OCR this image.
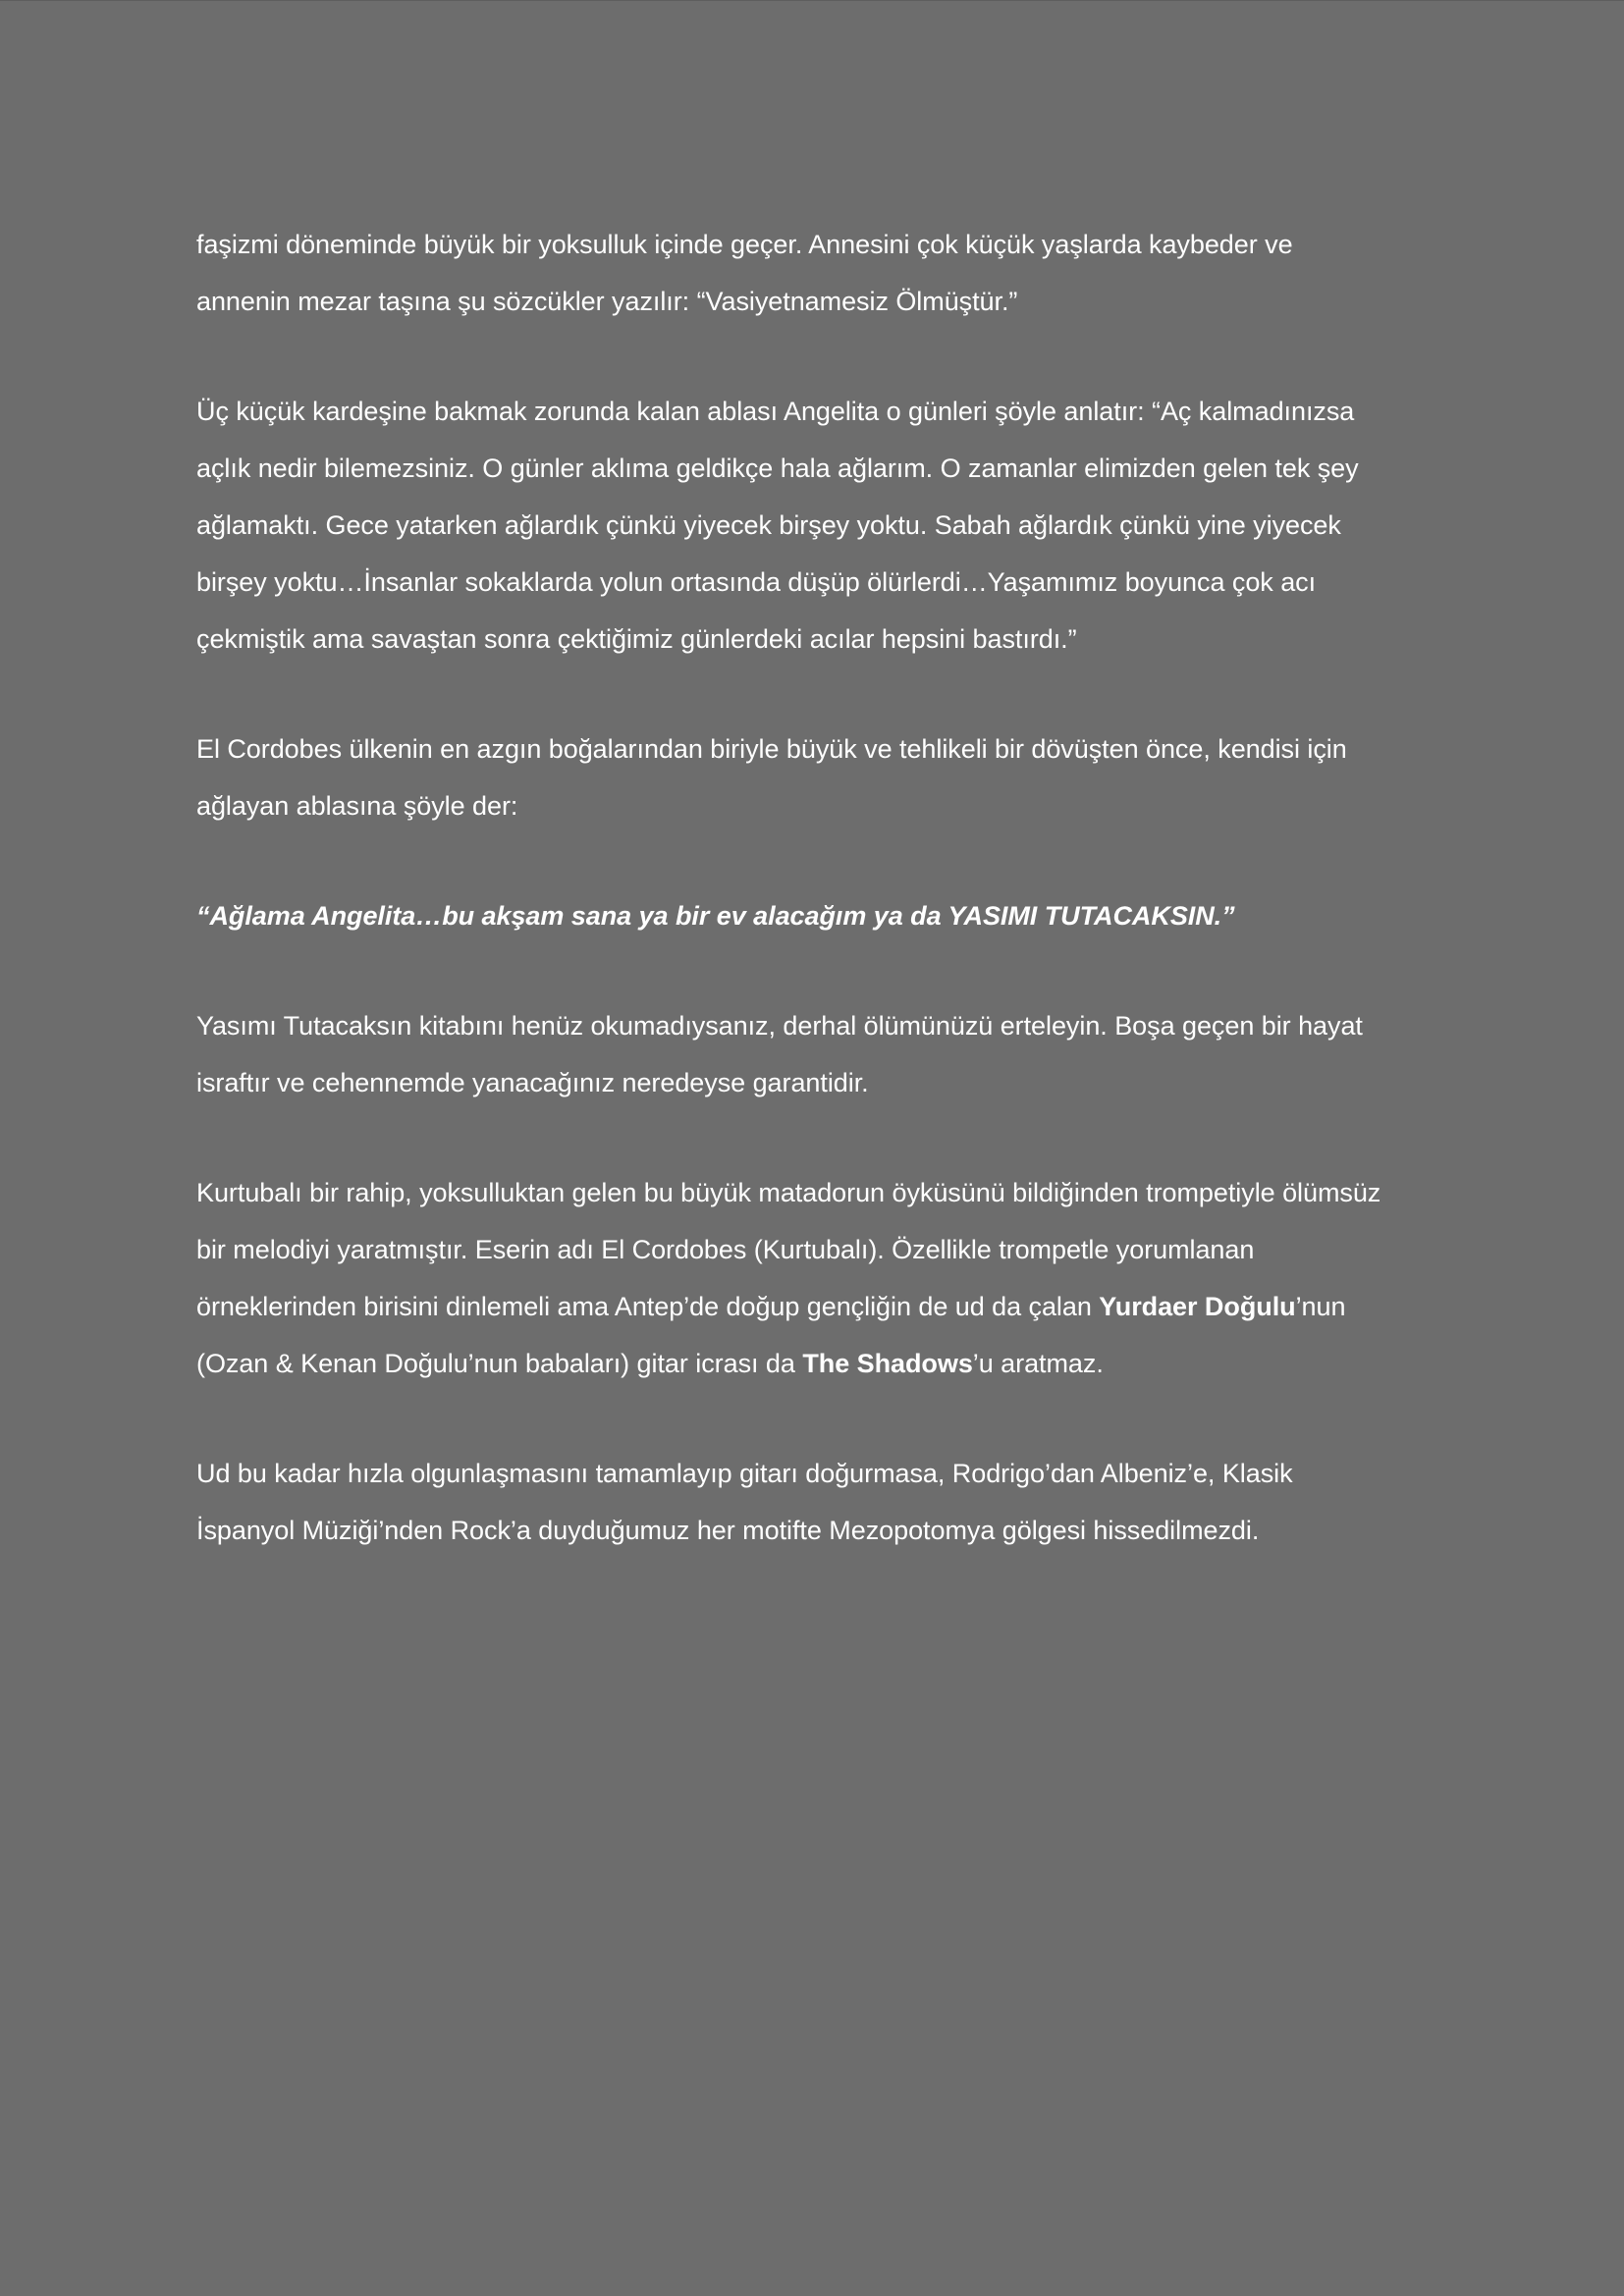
faşizmi döneminde büyük bir yoksulluk içinde geçer. Annesini çok küçük yaşlarda kaybeder ve
annenin mezar taşına şu sözcükler yazılır: “Vasiyetnamesiz Ölmüştür.”

Üç küçük kardeşine bakmak zorunda kalan ablası Angelita o günleri şöyle anlatır: “Aç kalmadınızsa
açlık nedir bilemezsiniz. O günler aklıma geldikçe hala ağlarım. O zamanlar elimizden gelen tek şey
ağlamaktı. Gece yatarken ağlardık çünkü yiyecek birşey yoktu. Sabah ağlardık çünkü yine yiyecek
birşey yoktu…İnsanlar sokaklarda yolun ortasında düşüp ölürlerdi…Yaşamımız boyunca çok acı
çekmiştik ama savaştan sonra çektiğimiz günlerdeki acılar hepsini bastırdı.”

El Cordobes ülkenin en azgın boğalarından biriyle büyük ve tehlikeli bir dövüşten önce, kendisi için
ağlayan ablasına şöyle der:

“Ağlama Angelita…bu akşam sana ya bir ev alacağım ya da YASIMI TUTACAKSIN.”

Yasımı Tutacaksın kitabını henüz okumadıysanız, derhal ölümünüzü erteleyin. Boşa geçen bir hayat
israftır ve cehennemde yanacağınız neredeyse garantidir.

Kurtubalı bir rahip, yoksulluktan gelen bu büyük matadorun öyküsünü bildiğinden trompetiyle ölümsüz
bir melodiyi yaratmıştır. Eserin adı El Cordobes (Kurtubalı). Özellikle trompetle yorumlanan
örneklerinden birisini dinlemeli ama Antep’de doğup gençliğin de ud da çalan Yurdaer Doğulu’nun
(Ozan & Kenan Doğulu’nun babaları) gitar icrası da The Shadows’u aratmaz.

Ud bu kadar hızla olgunlaşmasını tamamlayıp gitarı doğurmasa, Rodrigo’dan Albeniz’e, Klasik
İspanyol Müziği’nden Rock’a duyduğumuz her motifte Mezopotomya gölgesi hissedilmezdi.
